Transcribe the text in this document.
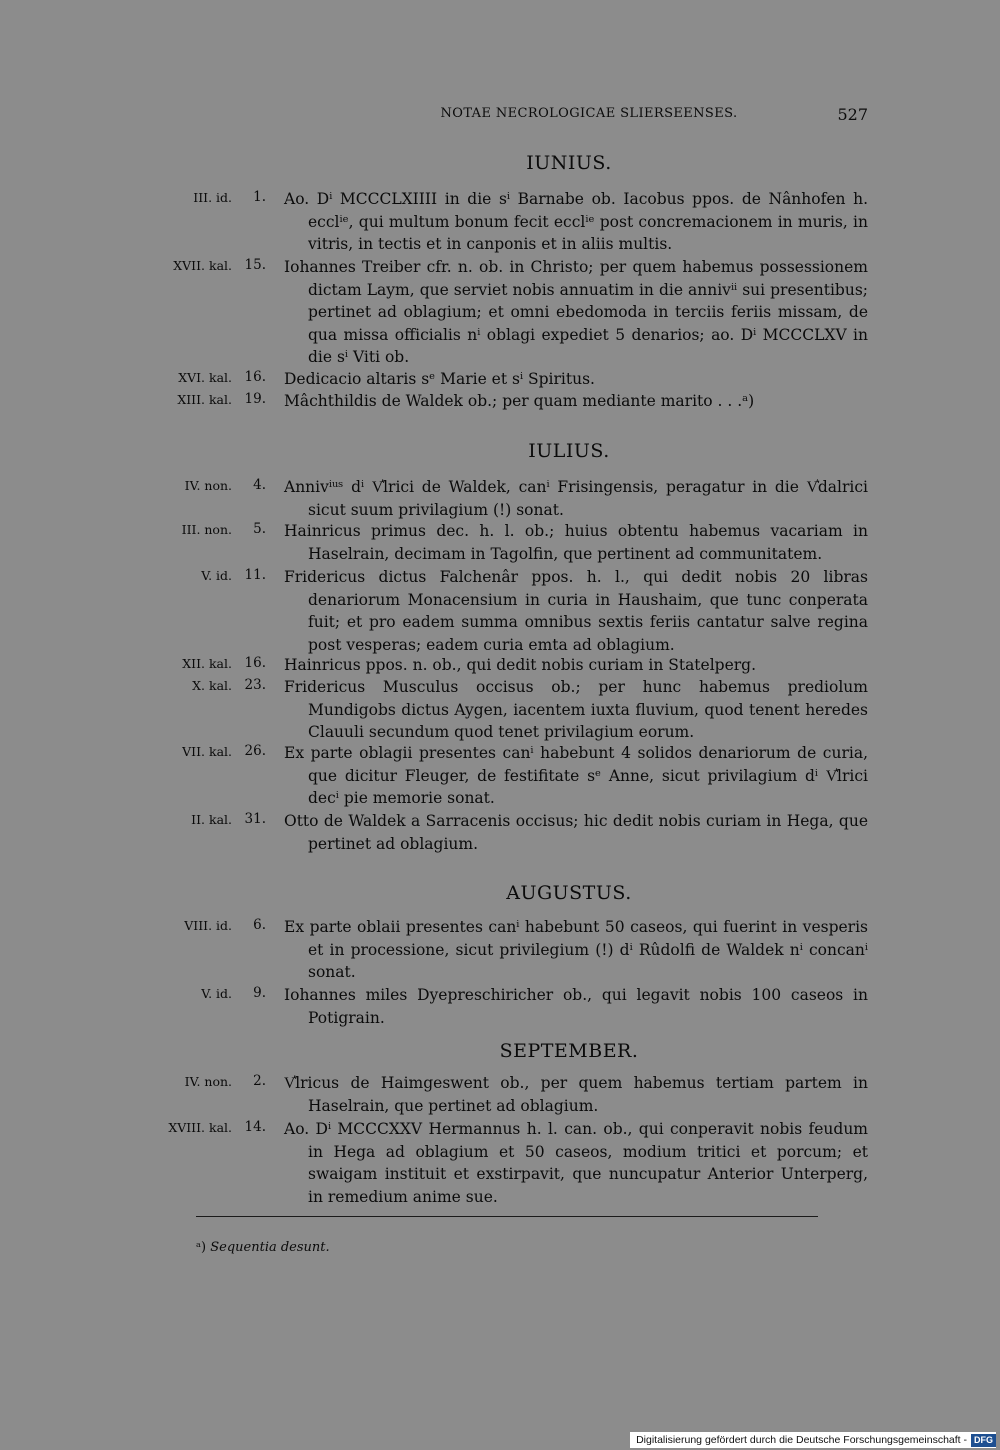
NOTAE NECROLOGICAE SLIERSEENSES.	527
IUNIUS.
III. id.	1. Ao. Dⁱ MCCCLXIIII in die sⁱ Barnabe ob. Iacobus ppos. de Nânhofen h. ecclⁱᵉ, qui multum bonum fecit ecclⁱᵉ post concremacionem in muris, in vitris, in tectis et in canponis et in aliis multis.
XVII. kal. 15. Iohannes Treiber cfr. n. ob. in Christo; per quem habemus possessionem dictam Laym, que serviet nobis annuatim in die annivⁱⁱ sui presentibus; pertinet ad oblagium; et omni ebedomoda in terciis feriis missam, de qua missa officialis nⁱ oblagi expediet 5 denarios; ao. Dⁱ MCCCLXV in die sⁱ Viti ob.
XVI. kal. 16. Dedicacio altaris sᵉ Marie et sⁱ Spiritus.
XIII. kal. 19. Mâchthildis de Waldek ob.; per quam mediante marito . . .ᵃ)
IULIUS.
IV. non.	4. Annivⁱᵘˢ dⁱ V͛lrici de Waldek, canⁱ Frisingensis, peragatur in die V͛dalrici sicut suum privilagium (!) sonat.
III. non.	5. Hainricus primus dec. h. l. ob.; huius obtentu habemus vacariam in Haselrain, decimam in Tagolfin, que pertinent ad communitatem.
V. id. 11. Fridericus dictus Falchenâr ppos. h. l., qui dedit nobis 20 libras denariorum Monacensium in curia in Haushaim, que tunc conperata fuit; et pro eadem summa omnibus sextis feriis cantatur salve regina post vesperas; eadem curia emta ad oblagium.
XII. kal. 16. Hainricus ppos. n. ob., qui dedit nobis curiam in Statelperg.
X. kal. 23. Fridericus Musculus occisus ob.; per hunc habemus prediolum Mundigobs dictus Aygen, iacentem iuxta fluvium, quod tenent heredes Clauuli secundum quod tenet privilagium eorum.
VII. kal. 26. Ex parte oblagii presentes canⁱ habebunt 4 solidos denariorum de curia, que dicitur Fleuger, de festifitate sᵉ Anne, sicut privilagium dⁱ V͛lrici decⁱ pie memorie sonat.
II. kal. 31. Otto de Waldek a Sarracenis occisus; hic dedit nobis curiam in Hega, que pertinet ad oblagium.
AUGUSTUS.
VIII. id.	6. Ex parte oblaii presentes canⁱ habebunt 50 caseos, qui fuerint in vesperis et in processione, sicut privilegium (!) dⁱ Rûdolfi de Waldek nⁱ concanⁱ sonat.
V. id.	9. Iohannes miles Dyepreschiricher ob., qui legavit nobis 100 caseos in Potigrain.
SEPTEMBER.
IV. non.	2. V͛lricus de Haimgeswent ob., per quem habemus tertiam partem in Haselrain, que pertinet ad oblagium.
XVIII. kal. 14. Ao. Dⁱ MCCCXXV Hermannus h. l. can. ob., qui conperavit nobis feudum in Hega ad oblagium et 50 caseos, modium tritici et porcum; et swaigam instituit et exstirpavit, que nuncupatur Anterior Unterperg, in remedium anime sue.
ᵃ) Sequentia desunt.
Digitalisierung gefördert durch die Deutsche Forschungsgemeinschaft - DFG
